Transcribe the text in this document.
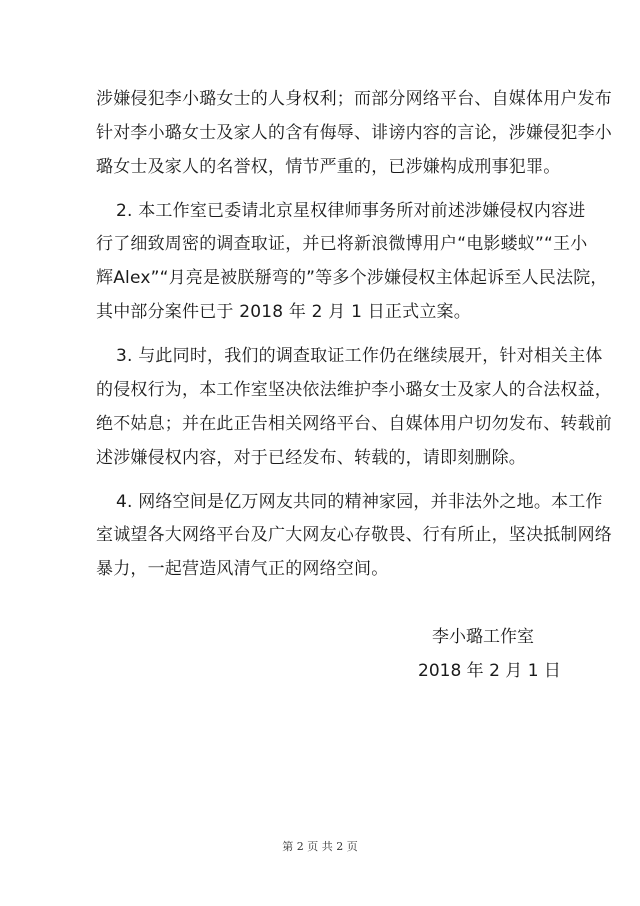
涉嫌侵犯李小璐女士的人身权利；而部分网络平台、自媒体用户发布
针对李小璐女士及家人的含有侮辱、诽谤内容的言论，涉嫌侵犯李小
璐女士及家人的名誉权，情节严重的，已涉嫌构成刑事犯罪。
2. 本工作室已委请北京星权律师事务所对前述涉嫌侵权内容进
行了细致周密的调查取证，并已将新浪微博用户“电影蝼蚁”“王小
辉Alex”“月亮是被朕掰弯的”等多个涉嫌侵权主体起诉至人民法院，
其中部分案件已于 2018 年 2 月 1 日正式立案。
3. 与此同时，我们的调查取证工作仍在继续展开，针对相关主体
的侵权行为，本工作室坚决依法维护李小璐女士及家人的合法权益，
绝不姑息；并在此正告相关网络平台、自媒体用户切勿发布、转载前
述涉嫌侵权内容，对于已经发布、转载的，请即刻删除。
4. 网络空间是亿万网友共同的精神家园，并非法外之地。本工作
室诚望各大网络平台及广大网友心存敬畏、行有所止，坚决抵制网络
暴力，一起营造风清气正的网络空间。
李小璐工作室
2018 年 2 月 1 日
第 2 页 共 2 页
